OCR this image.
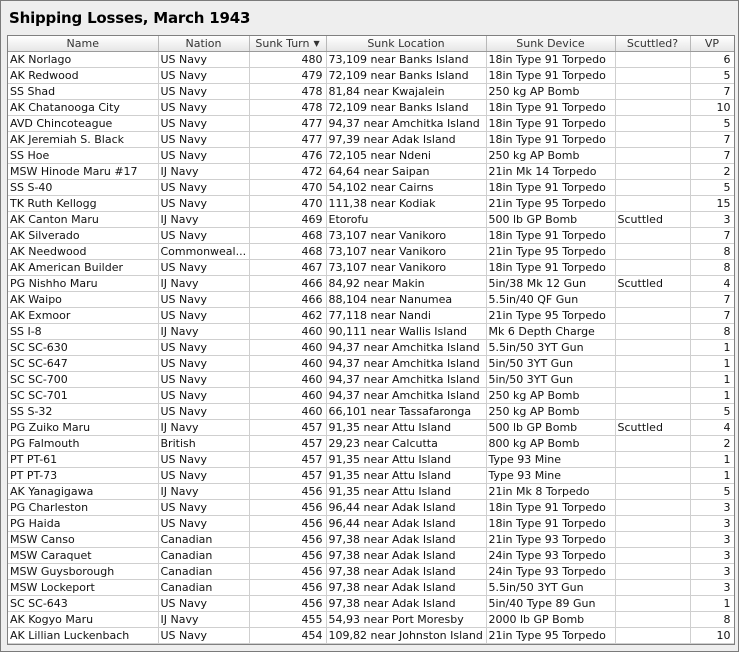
Shipping Losses, March 1943
Name	Nation	Sunk Turn ▼	Sunk Location	Sunk Device	Scuttled?	VP
AK Norlago	US Navy	480	73,109 near Banks Island	18in Type 91 Torpedo		6
AK Redwood	US Navy	479	72,109 near Banks Island	18in Type 91 Torpedo		5
SS Shad	US Navy	478	81,84 near Kwajalein	250 kg AP Bomb		7
AK Chatanooga City	US Navy	478	72,109 near Banks Island	18in Type 91 Torpedo		10
AVD Chincoteague	US Navy	477	94,37 near Amchitka Island	18in Type 91 Torpedo		5
AK Jeremiah S. Black	US Navy	477	97,39 near Adak Island	18in Type 91 Torpedo		7
SS Hoe	US Navy	476	72,105 near Ndeni	250 kg AP Bomb		7
MSW Hinode Maru #17	IJ Navy	472	64,64 near Saipan	21in Mk 14 Torpedo		2
SS S-40	US Navy	470	54,102 near Cairns	18in Type 91 Torpedo		5
TK Ruth Kellogg	US Navy	470	111,38 near Kodiak	21in Type 95 Torpedo		15
AK Canton Maru	IJ Navy	469	Etorofu	500 lb GP Bomb	Scuttled	3
AK Silverado	US Navy	468	73,107 near Vanikoro	18in Type 91 Torpedo		7
AK Needwood	Commonweal...	468	73,107 near Vanikoro	21in Type 95 Torpedo		8
AK American Builder	US Navy	467	73,107 near Vanikoro	18in Type 91 Torpedo		8
PG Nishho Maru	IJ Navy	466	84,92 near Makin	5in/38 Mk 12 Gun	Scuttled	4
AK Waipo	US Navy	466	88,104 near Nanumea	5.5in/40 QF Gun		7
AK Exmoor	US Navy	462	77,118 near Nandi	21in Type 95 Torpedo		7
SS I-8	IJ Navy	460	90,111 near Wallis Island	Mk 6 Depth Charge		8
SC SC-630	US Navy	460	94,37 near Amchitka Island	5.5in/50 3YT Gun		1
SC SC-647	US Navy	460	94,37 near Amchitka Island	5in/50 3YT Gun		1
SC SC-700	US Navy	460	94,37 near Amchitka Island	5in/50 3YT Gun		1
SC SC-701	US Navy	460	94,37 near Amchitka Island	250 kg AP Bomb		1
SS S-32	US Navy	460	66,101 near Tassafaronga	250 kg AP Bomb		5
PG Zuiko Maru	IJ Navy	457	91,35 near Attu Island	500 lb GP Bomb	Scuttled	4
PG Falmouth	British	457	29,23 near Calcutta	800 kg AP Bomb		2
PT PT-61	US Navy	457	91,35 near Attu Island	Type 93 Mine		1
PT PT-73	US Navy	457	91,35 near Attu Island	Type 93 Mine		1
AK Yanagigawa	IJ Navy	456	91,35 near Attu Island	21in Mk 8 Torpedo		5
PG Charleston	US Navy	456	96,44 near Adak Island	18in Type 91 Torpedo		3
PG Haida	US Navy	456	96,44 near Adak Island	18in Type 91 Torpedo		3
MSW Canso	Canadian	456	97,38 near Adak Island	21in Type 93 Torpedo		3
MSW Caraquet	Canadian	456	97,38 near Adak Island	24in Type 93 Torpedo		3
MSW Guysborough	Canadian	456	97,38 near Adak Island	24in Type 93 Torpedo		3
MSW Lockeport	Canadian	456	97,38 near Adak Island	5.5in/50 3YT Gun		3
SC SC-643	US Navy	456	97,38 near Adak Island	5in/40 Type 89 Gun		1
AK Kogyo Maru	IJ Navy	455	54,93 near Port Moresby	2000 lb GP Bomb		8
AK Lillian Luckenbach	US Navy	454	109,82 near Johnston Island	21in Type 95 Torpedo		10
